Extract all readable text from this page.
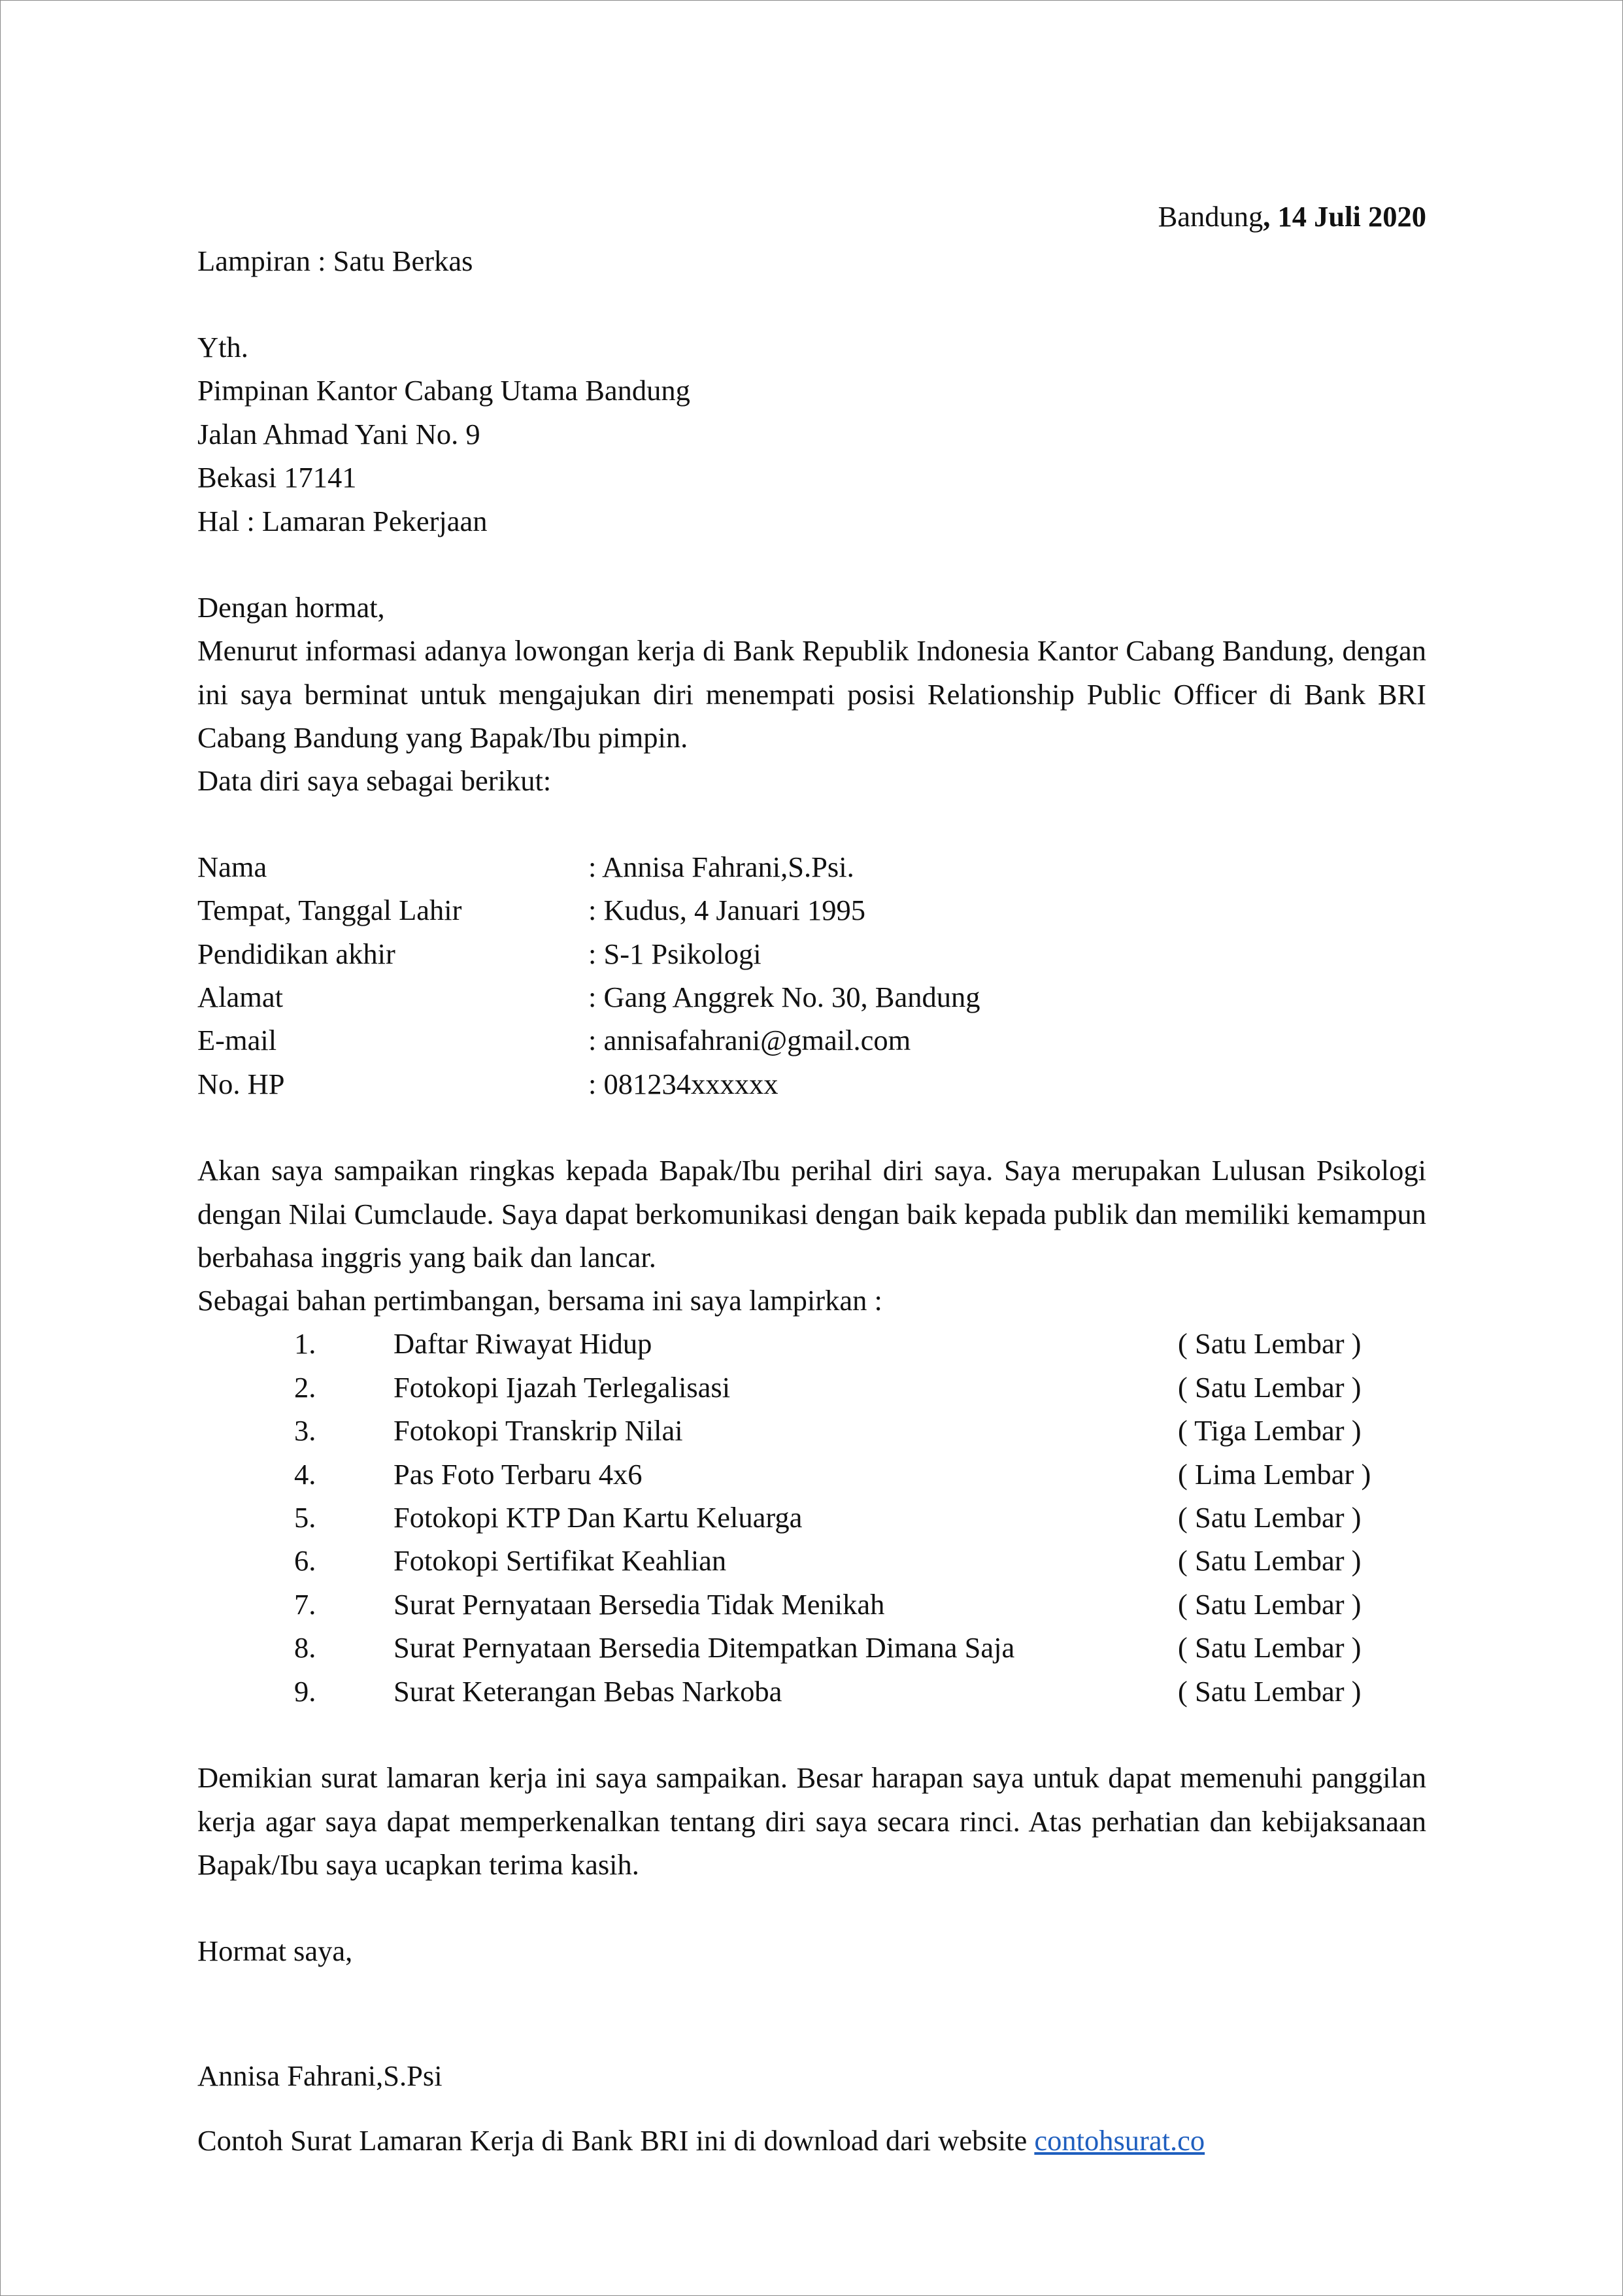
Bandung, 14 Juli 2020
Lampiran : Satu Berkas
Yth.
Pimpinan Kantor Cabang Utama Bandung
Jalan Ahmad Yani No. 9
Bekasi 17141
Hal : Lamaran Pekerjaan
Dengan hormat,
Menurut informasi adanya lowongan kerja di Bank Republik Indonesia Kantor Cabang Bandung, dengan ini saya berminat untuk mengajukan diri menempati posisi Relationship Public Officer di Bank BRI Cabang Bandung yang Bapak/Ibu pimpin.
Data diri saya sebagai berikut:
Nama	: Annisa Fahrani,S.Psi.
Tempat, Tanggal Lahir	: Kudus, 4 Januari 1995
Pendidikan akhir	: S-1 Psikologi
Alamat	: Gang Anggrek No. 30, Bandung
E-mail	: annisafahrani@gmail.com
No. HP	: 081234xxxxxx
Akan saya sampaikan ringkas kepada Bapak/Ibu perihal diri saya. Saya merupakan Lulusan Psikologi dengan Nilai Cumclaude. Saya dapat berkomunikasi dengan baik kepada publik dan memiliki kemampun berbahasa inggris yang baik dan lancar.
Sebagai bahan pertimbangan, bersama ini saya lampirkan :
1.	Daftar Riwayat Hidup	( Satu Lembar )
2.	Fotokopi Ijazah Terlegalisasi	( Satu Lembar )
3.	Fotokopi Transkrip Nilai	( Tiga Lembar )
4.	Pas Foto Terbaru 4x6	( Lima Lembar )
5.	Fotokopi KTP Dan Kartu Keluarga	( Satu Lembar )
6.	Fotokopi Sertifikat Keahlian	( Satu Lembar )
7.	Surat Pernyataan Bersedia Tidak Menikah	( Satu Lembar )
8.	Surat Pernyataan Bersedia Ditempatkan Dimana Saja	( Satu Lembar )
9.	Surat Keterangan Bebas Narkoba	( Satu Lembar )
Demikian surat lamaran kerja ini saya sampaikan. Besar harapan saya untuk dapat memenuhi panggilan kerja agar saya dapat memperkenalkan tentang diri saya secara rinci. Atas perhatian dan kebijaksanaan Bapak/Ibu saya ucapkan terima kasih.
Hormat saya,
Annisa Fahrani,S.Psi
Contoh Surat Lamaran Kerja di Bank BRI ini di download dari website contohsurat.co
